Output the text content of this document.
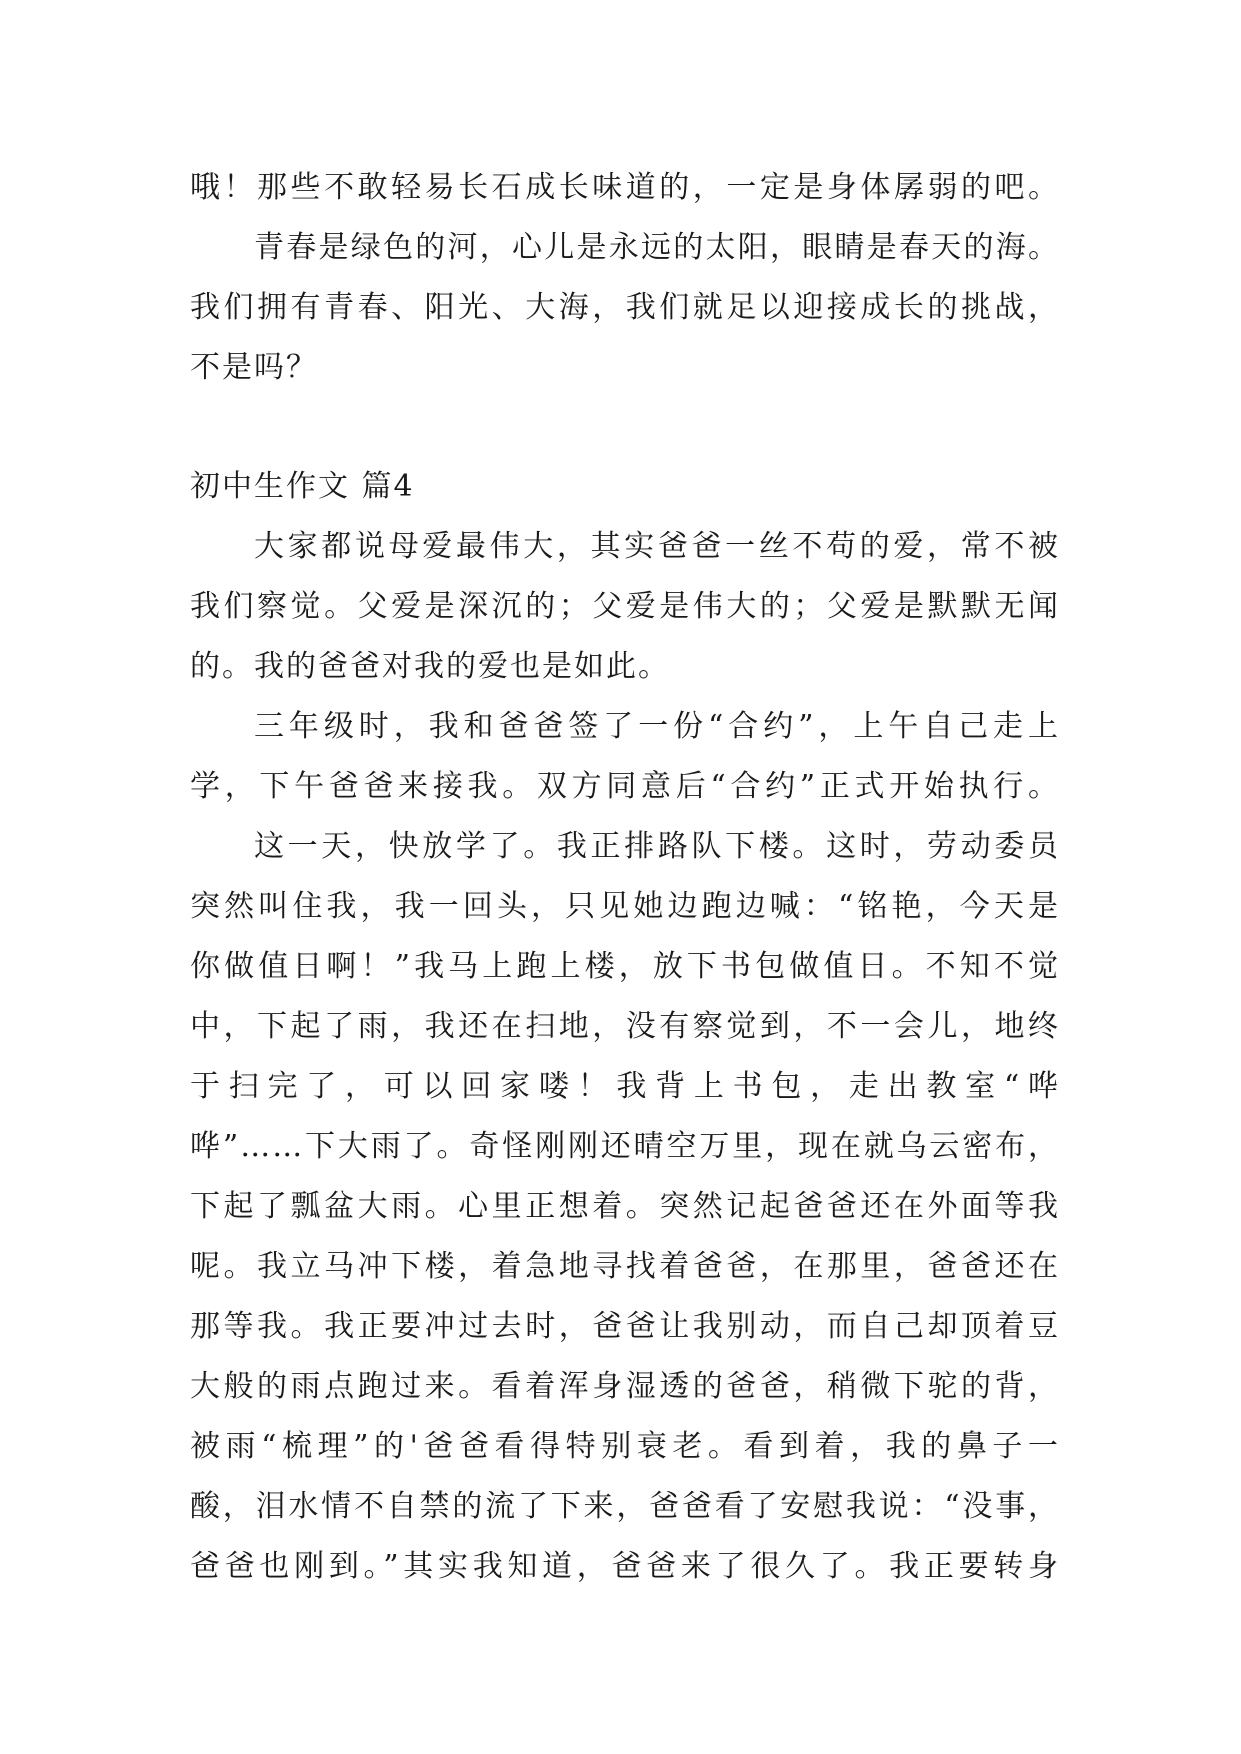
哦！那些不敢轻易长石成长味道的，一定是身体孱弱的吧。
青春是绿色的河，心儿是永远的太阳，眼睛是春天的海。
我们拥有青春、阳光、大海，我们就足以迎接成长的挑战，
不是吗？
初中生作文 篇4
大家都说母爱最伟大，其实爸爸一丝不苟的爱，常不被
我们察觉。父爱是深沉的；父爱是伟大的；父爱是默默无闻
的。我的爸爸对我的爱也是如此。
三年级时，我和爸爸签了一份“合约”，上午自己走上
学，下午爸爸来接我。双方同意后“合约”正式开始执行。
这一天，快放学了。我正排路队下楼。这时，劳动委员
突然叫住我，我一回头，只见她边跑边喊：“铭艳，今天是
你做值日啊！”我马上跑上楼，放下书包做值日。不知不觉
中，下起了雨，我还在扫地，没有察觉到，不一会儿，地终
于扫完了，可以回家喽！我背上书包，走出教室“哗
哗”……下大雨了。奇怪刚刚还晴空万里，现在就乌云密布，
下起了瓢盆大雨。心里正想着。突然记起爸爸还在外面等我
呢。我立马冲下楼，着急地寻找着爸爸，在那里，爸爸还在
那等我。我正要冲过去时，爸爸让我别动，而自己却顶着豆
大般的雨点跑过来。看着浑身湿透的爸爸，稍微下驼的背，
被雨“梳理”的'爸爸看得特别衰老。看到着，我的鼻子一
酸，泪水情不自禁的流了下来，爸爸看了安慰我说：“没事，
爸爸也刚到。”其实我知道，爸爸来了很久了。我正要转身
